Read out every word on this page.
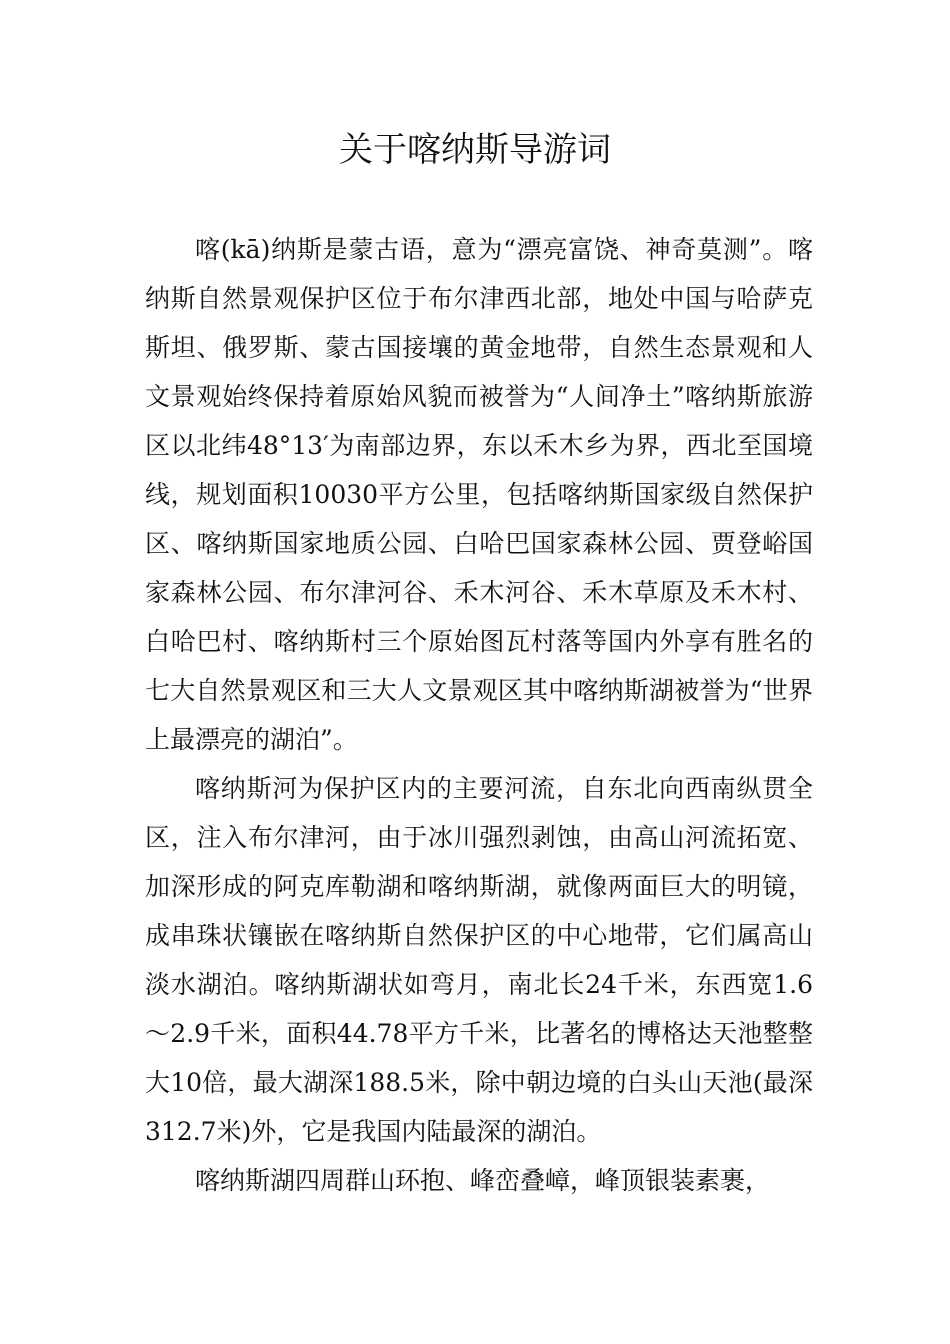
关于喀纳斯导游词

喀(kā)纳斯是蒙古语，意为“漂亮富饶、神奇莫测”。喀纳斯自然景观保护区位于布尔津西北部，地处中国与哈萨克斯坦、俄罗斯、蒙古国接壤的黄金地带，自然生态景观和人文景观始终保持着原始风貌而被誉为“人间净土”喀纳斯旅游区以北纬48°13′为南部边界，东以禾木乡为界，西北至国境线，规划面积10030平方公里，包括喀纳斯国家级自然保护区、喀纳斯国家地质公园、白哈巴国家森林公园、贾登峪国家森林公园、布尔津河谷、禾木河谷、禾木草原及禾木村、白哈巴村、喀纳斯村三个原始图瓦村落等国内外享有胜名的七大自然景观区和三大人文景观区其中喀纳斯湖被誉为“世界上最漂亮的湖泊”。

喀纳斯河为保护区内的主要河流，自东北向西南纵贯全区，注入布尔津河，由于冰川强烈剥蚀，由高山河流拓宽、加深形成的阿克库勒湖和喀纳斯湖，就像两面巨大的明镜，成串珠状镶嵌在喀纳斯自然保护区的中心地带，它们属高山淡水湖泊。喀纳斯湖状如弯月，南北长24千米，东西宽1.6～2.9千米，面积44.78平方千米，比著名的博格达天池整整大10倍，最大湖深188.5米，除中朝边境的白头山天池(最深312.7米)外，它是我国内陆最深的湖泊。

喀纳斯湖四周群山环抱、峰峦叠嶂，峰顶银装素裹，
